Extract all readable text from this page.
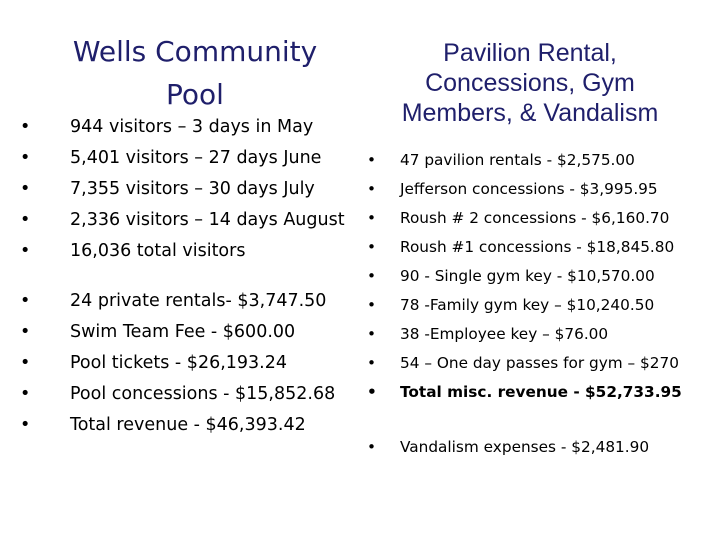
Wells Community
Pool
Pavilion Rental,
Concessions, Gym
Members, & Vandalism
• 944 visitors – 3 days in May
• 5,401 visitors – 27 days June
• 7,355 visitors – 30 days July
• 2,336 visitors – 14 days August
• 16,036 total visitors
• 24 private rentals- $3,747.50
• Swim Team Fee - $600.00
• Pool tickets - $26,193.24
• Pool concessions - $15,852.68
• Total revenue - $46,393.42
• 47 pavilion rentals - $2,575.00
• Jefferson concessions - $3,995.95
• Roush # 2 concessions - $6,160.70
• Roush #1 concessions - $18,845.80
• 90 - Single gym key - $10,570.00
• 78 -Family gym key – $10,240.50
• 38 -Employee key – $76.00
• 54 – One day passes for gym – $270
• Total misc. revenue - $52,733.95
• Vandalism expenses - $2,481.90
